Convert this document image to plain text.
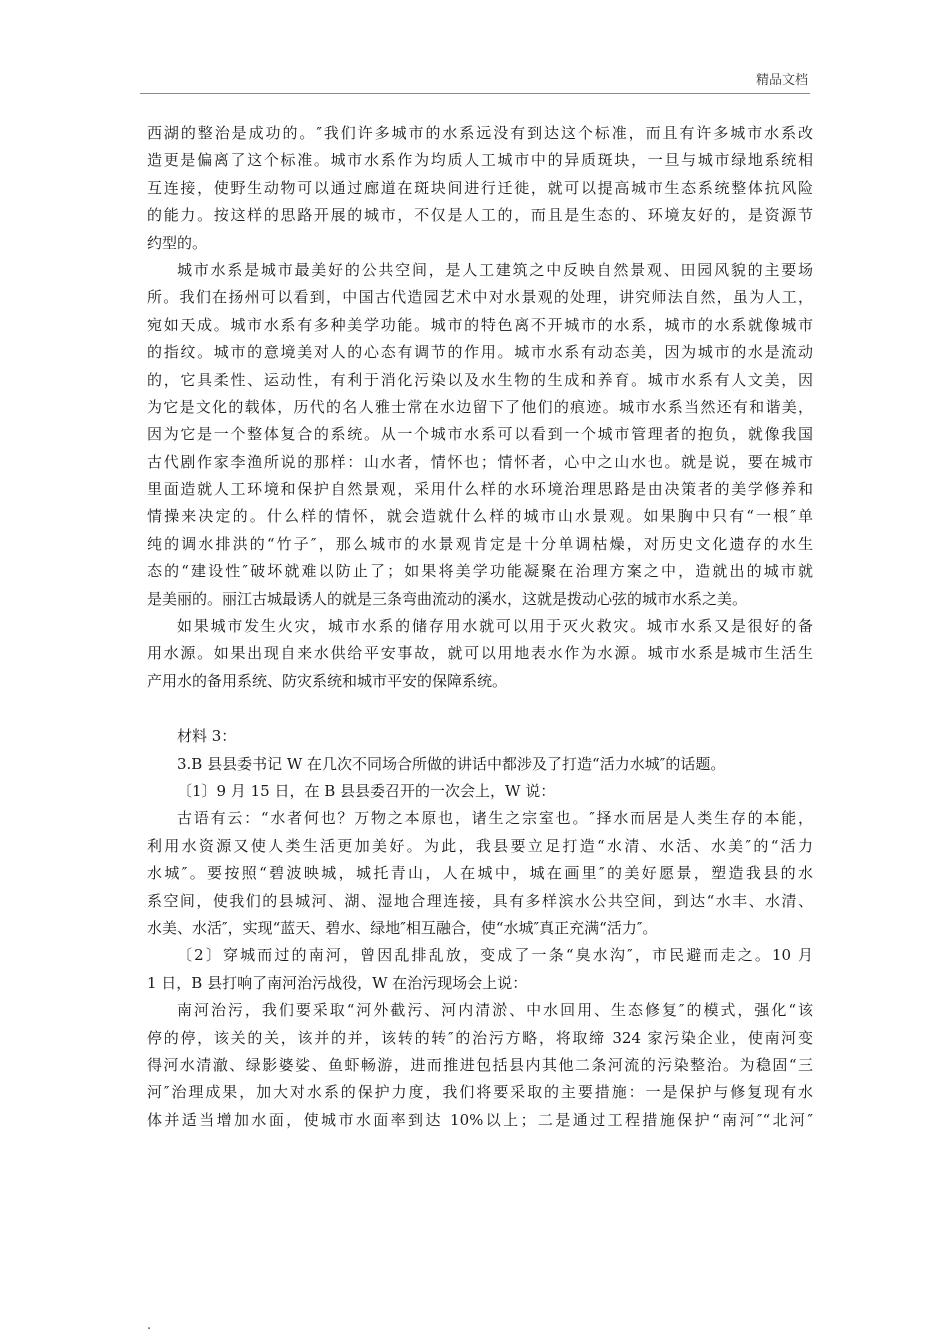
精品文档
西湖的整治是成功的。″我们许多城市的水系远没有到达这个标准，而且有许多城市水系改
造更是偏离了这个标准。城市水系作为均质人工城市中的异质斑块，一旦与城市绿地系统相
互连接，使野生动物可以通过廊道在斑块间进行迁徙，就可以提高城市生态系统整体抗风险
的能力。按这样的思路开展的城市，不仅是人工的，而且是生态的、环境友好的，是资源节
约型的。
城市水系是城市最美好的公共空间，是人工建筑之中反映自然景观、田园风貌的主要场
所。我们在扬州可以看到，中国古代造园艺术中对水景观的处理，讲究师法自然，虽为人工，
宛如天成。城市水系有多种美学功能。城市的特色离不开城市的水系，城市的水系就像城市
的指纹。城市的意境美对人的心态有调节的作用。城市水系有动态美，因为城市的水是流动
的，它具柔性、运动性，有利于消化污染以及水生物的生成和养育。城市水系有人文美，因
为它是文化的载体，历代的名人雅士常在水边留下了他们的痕迹。城市水系当然还有和谐美，
因为它是一个整体复合的系统。从一个城市水系可以看到一个城市管理者的抱负，就像我国
古代剧作家李渔所说的那样：山水者，情怀也；情怀者，心中之山水也。就是说，要在城市
里面造就人工环境和保护自然景观，采用什么样的水环境治理思路是由决策者的美学修养和
情操来决定的。什么样的情怀，就会造就什么样的城市山水景观。如果胸中只有“一根″单
纯的调水排洪的“竹子″，那么城市的水景观肯定是十分单调枯燥，对历史文化遗存的水生
态的“建设性″破坏就难以防止了；如果将美学功能凝聚在治理方案之中，造就出的城市就
是美丽的。丽江古城最诱人的就是三条弯曲流动的溪水，这就是拨动心弦的城市水系之美。
如果城市发生火灾，城市水系的储存用水就可以用于灭火救灾。城市水系又是很好的备
用水源。如果出现自来水供给平安事故，就可以用地表水作为水源。城市水系是城市生活生
产用水的备用系统、防灾系统和城市平安的保障系统。
材料 3：
3.B 县县委书记 W 在几次不同场合所做的讲话中都涉及了打造“活力水城″的话题。
〔1〕9 月 15 日，在 B 县县委召开的一次会上，W 说：
古语有云：“水者何也？万物之本原也，诸生之宗室也。″择水而居是人类生存的本能，
利用水资源又使人类生活更加美好。为此，我县要立足打造“水清、水活、水美″的“活力
水城″。要按照“碧波映城，城托青山，人在城中，城在画里″的美好愿景，塑造我县的水
系空间，使我们的县城河、湖、湿地合理连接，具有多样滨水公共空间，到达“水丰、水清、
水美、水活″，实现“蓝天、碧水、绿地″相互融合，使“水城″真正充满“活力″。
〔2〕穿城而过的南河，曾因乱排乱放，变成了一条“臭水沟″，市民避而走之。10 月
1 日，B 县打响了南河治污战役，W 在治污现场会上说：
南河治污，我们要采取“河外截污、河内清淤、中水回用、生态修复″的模式，强化“该
停的停，该关的关，该并的并，该转的转″的治污方略，将取缔 324 家污染企业，使南河变
得河水清澈、绿影婆娑、鱼虾畅游，进而推进包括县内其他二条河流的污染整治。为稳固“三
河″治理成果，加大对水系的保护力度，我们将要采取的主要措施：一是保护与修复现有水
体并适当增加水面，使城市水面率到达 10%以上；二是通过工程措施保护“南河″“北河″
.
